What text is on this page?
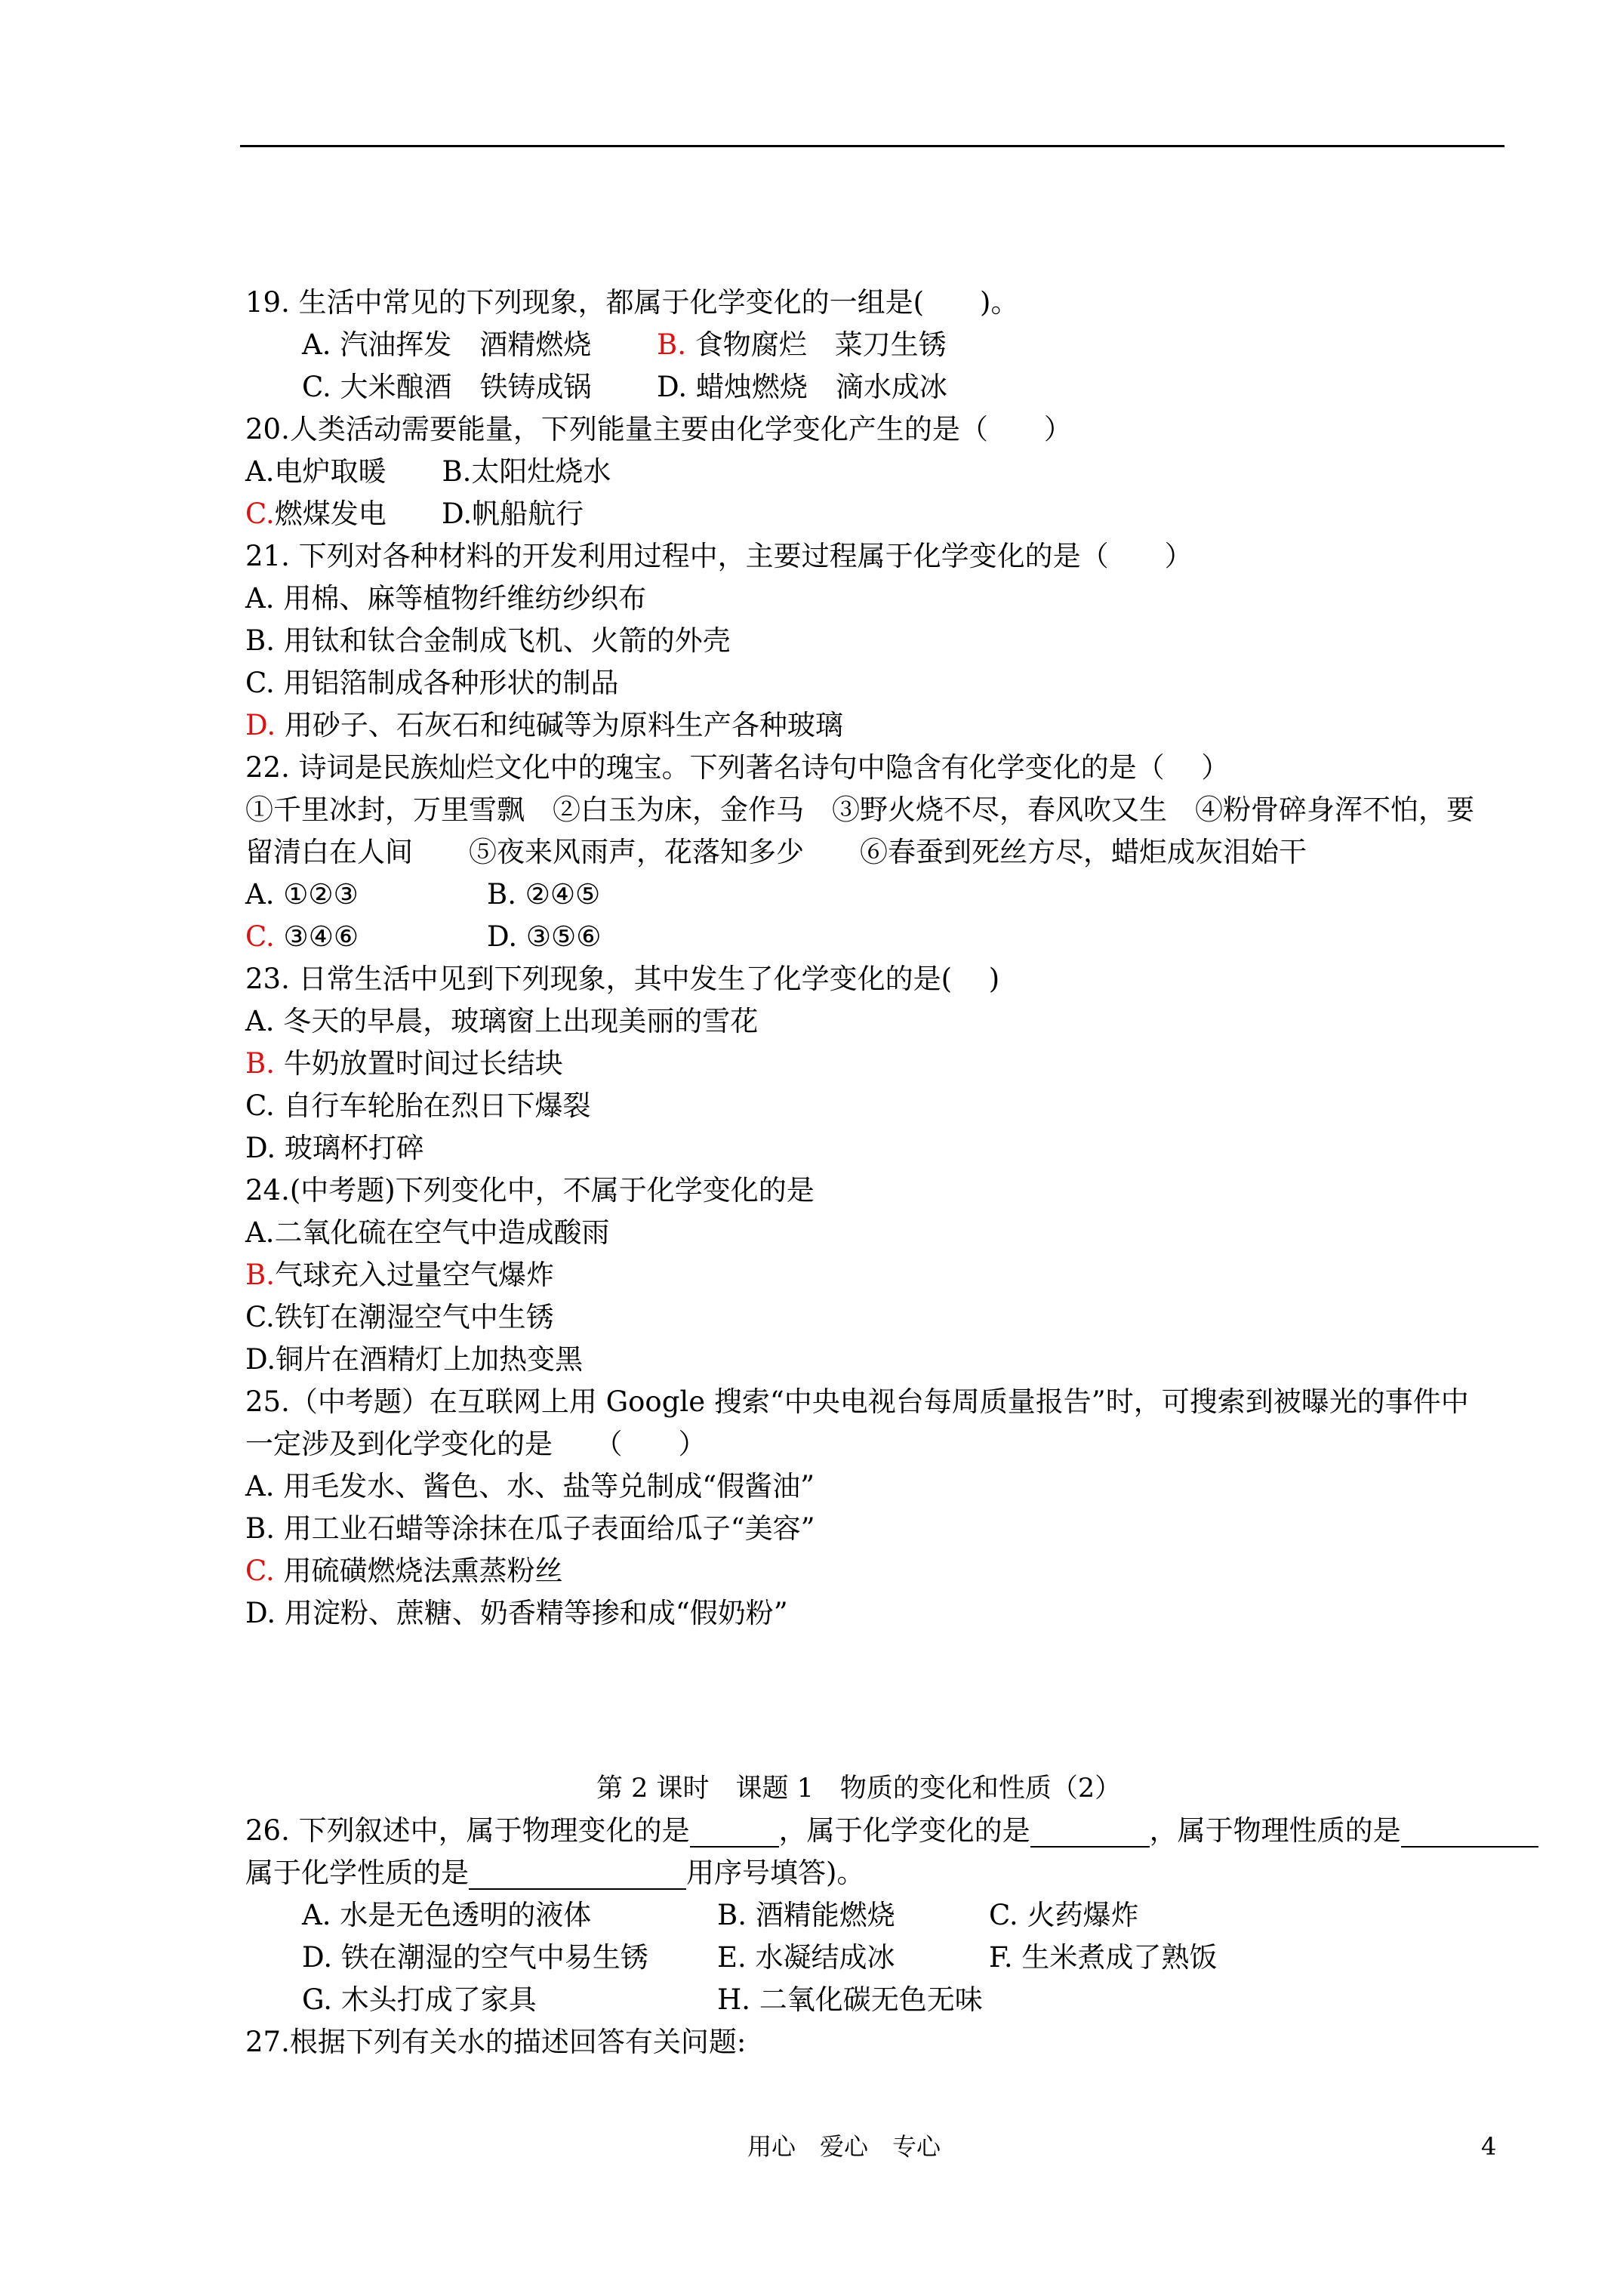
19. 生活中常见的下列现象，都属于化学变化的一组是(　　)。
A. 汽油挥发　酒精燃烧 B. 食物腐烂　菜刀生锈
C. 大米酿酒　铁铸成锅 D. 蜡烛燃烧　滴水成冰
20.人类活动需要能量，下列能量主要由化学变化产生的是（　　）
A.电炉取暖　　B.太阳灶烧水
C.燃煤发电 D.帆船航行
21. 下列对各种材料的开发利用过程中，主要过程属于化学变化的是（　　）
A. 用棉、麻等植物纤维纺纱织布
B. 用钛和钛合金制成飞机、火箭的外壳
C. 用铝箔制成各种形状的制品
D. 用砂子、石灰石和纯碱等为原料生产各种玻璃
22. 诗词是民族灿烂文化中的瑰宝。下列著名诗句中隐含有化学变化的是（　 ）
①千里冰封，万里雪飘　②白玉为床，金作马　③野火烧不尽，春风吹又生　④粉骨碎身浑不怕，要
留清白在人间　　⑤夜来风雨声，花落知多少　　⑥春蚕到死丝方尽，蜡炬成灰泪始干
A. ①②③	B. ②④⑤
C. ③④⑥	D. ③⑤⑥
23. 日常生活中见到下列现象，其中发生了化学变化的是(　 )
A. 冬天的早晨，玻璃窗上出现美丽的雪花
B. 牛奶放置时间过长结块
C. 自行车轮胎在烈日下爆裂
D. 玻璃杯打碎
24.(中考题)下列变化中，不属于化学变化的是
A.二氧化硫在空气中造成酸雨
B.气球充入过量空气爆炸
C.铁钉在潮湿空气中生锈
D.铜片在酒精灯上加热变黑
25.（中考题）在互联网上用 Google 搜索“中央电视台每周质量报告”时，可搜索到被曝光的事件中
一定涉及到化学变化的是　　（　　）
A. 用毛发水、酱色、水、盐等兑制成“假酱油”
B. 用工业石蜡等涂抹在瓜子表面给瓜子“美容”
C. 用硫磺燃烧法熏蒸粉丝
D. 用淀粉、蔗糖、奶香精等掺和成“假奶粉”
第 2 课时　课题 1　物质的变化和性质（2）
26. 下列叙述中，属于物理变化的是	，属于化学变化的是	，属于物理性质的是
属于化学性质的是	用序号填答)。
A. 水是无色透明的液体	B. 酒精能燃烧	C. 火药爆炸
D. 铁在潮湿的空气中易生锈 E. 水凝结成冰	F. 生米煮成了熟饭
G. 木头打成了家具	H. 二氧化碳无色无味
27.根据下列有关水的描述回答有关问题:
用心　爱心　专心	4
